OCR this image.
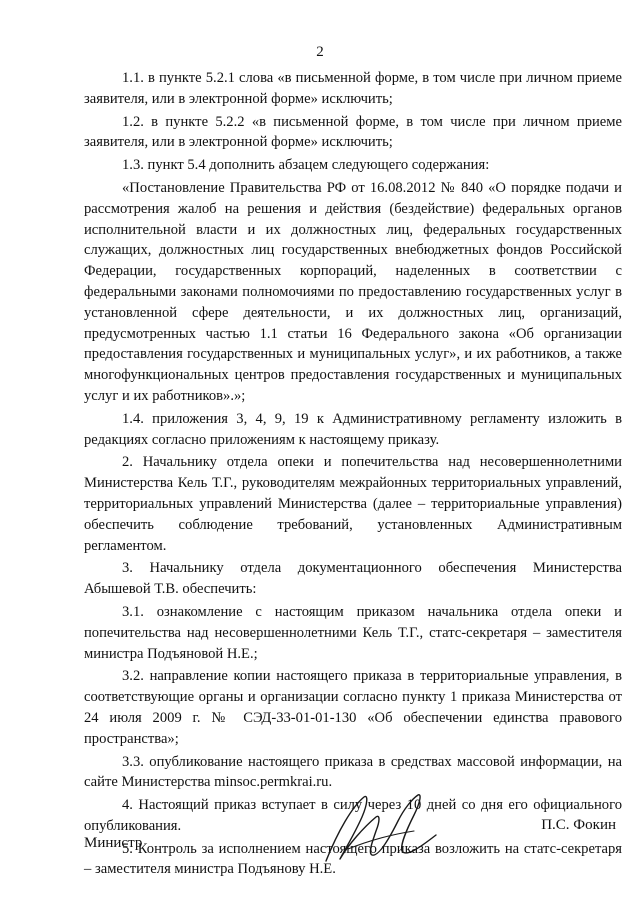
2

1.1. в пункте 5.2.1 слова «в письменной форме, в том числе при личном приеме заявителя, или в электронной форме» исключить;

1.2. в пункте 5.2.2 «в письменной форме, в том числе при личном приеме заявителя, или в электронной форме» исключить;

1.3. пункт 5.4 дополнить абзацем следующего содержания:

«Постановление Правительства РФ от 16.08.2012 № 840 «О порядке подачи и рассмотрения жалоб на решения и действия (бездействие) федеральных органов исполнительной власти и их должностных лиц, федеральных государственных служащих, должностных лиц государственных внебюджетных фондов Российской Федерации, государственных корпораций, наделенных в соответствии с федеральными законами полномочиями по предоставлению государственных услуг в установленной сфере деятельности, и их должностных лиц, организаций, предусмотренных частью 1.1 статьи 16 Федерального закона «Об организации предоставления государственных и муниципальных услуг», и их работников, а также многофункциональных центров предоставления государственных и муниципальных услуг и их работников».»;

1.4. приложения 3, 4, 9, 19 к Административному регламенту изложить в редакциях согласно приложениям к настоящему приказу.

2. Начальнику отдела опеки и попечительства над несовершеннолетними Министерства Кель Т.Г., руководителям межрайонных территориальных управлений, территориальных управлений Министерства (далее – территориальные управления) обеспечить соблюдение требований, установленных Административным регламентом.

3. Начальнику отдела документационного обеспечения Министерства Абышевой Т.В. обеспечить:

3.1. ознакомление с настоящим приказом начальника отдела опеки и попечительства над несовершеннолетними Кель Т.Г., статс-секретаря – заместителя министра Подъяновой Н.Е.;

3.2. направление копии настоящего приказа в территориальные управления, в соответствующие органы и организации согласно пункту 1 приказа Министерства от 24 июля 2009 г. № СЭД-33-01-01-130 «Об обеспечении единства правового пространства»;

3.3. опубликование настоящего приказа в средствах массовой информации, на сайте Министерства minsoc.permkrai.ru.

4. Настоящий приказ вступает в силу через 10 дней со дня его официального опубликования.

5. Контроль за исполнением настоящего приказа возложить на статс-секретаря – заместителя министра Подъянову Н.Е.

Министр
П.С. Фокин
